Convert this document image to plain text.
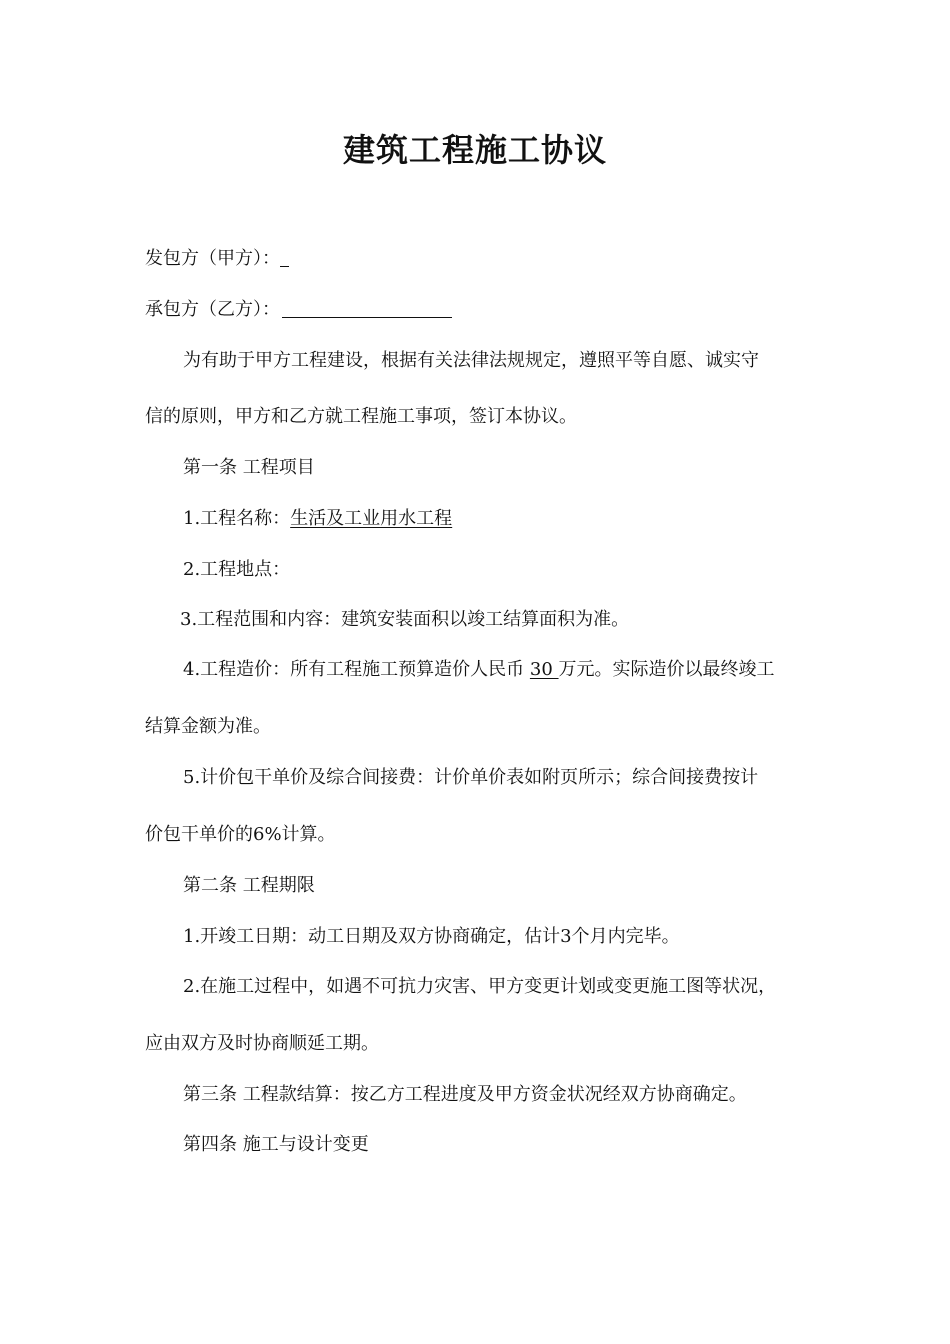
建筑工程施工协议
发包方（甲方）：
承包方（乙方）：
为有助于甲方工程建设，根据有关法律法规规定，遵照平等自愿、诚实守
信的原则，甲方和乙方就工程施工事项，签订本协议。
第一条 工程项目
1.工程名称：生活及工业用水工程
2.工程地点：
3.工程范围和内容：建筑安装面积以竣工结算面积为准。
4.工程造价：所有工程施工预算造价人民币 30 万元。实际造价以最终竣工
结算金额为准。
5.计价包干单价及综合间接费：计价单价表如附页所示；综合间接费按计
价包干单价的6%计算。
第二条 工程期限
1.开竣工日期：动工日期及双方协商确定，估计3个月内完毕。
2.在施工过程中，如遇不可抗力灾害、甲方变更计划或变更施工图等状况，
应由双方及时协商顺延工期。
第三条 工程款结算：按乙方工程进度及甲方资金状况经双方协商确定。
第四条 施工与设计变更
